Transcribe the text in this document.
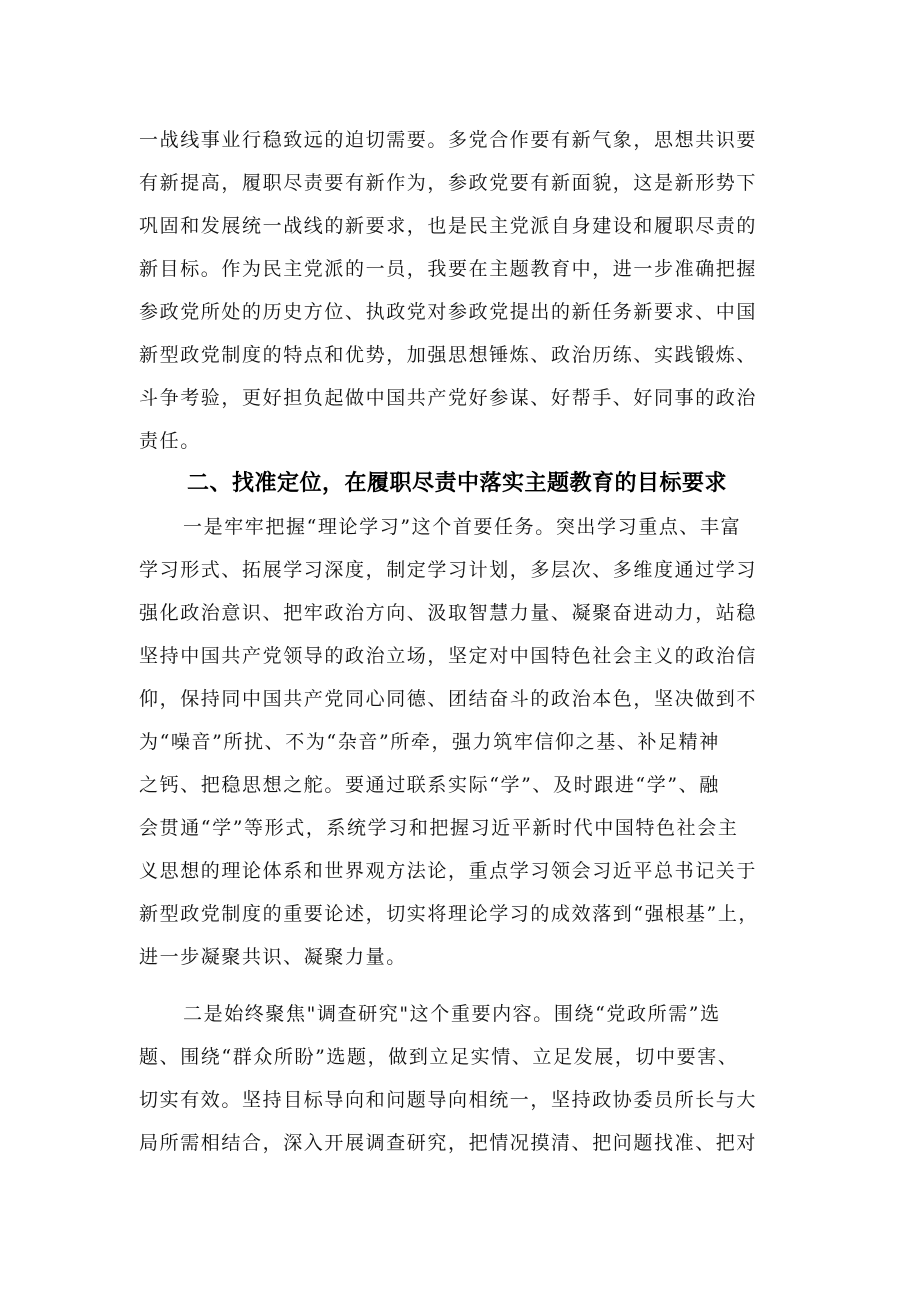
一战线事业行稳致远的迫切需要。多党合作要有新气象，思想共识要
有新提高，履职尽责要有新作为，参政党要有新面貌，这是新形势下
巩固和发展统一战线的新要求，也是民主党派自身建设和履职尽责的
新目标。作为民主党派的一员，我要在主题教育中，进一步准确把握
参政党所处的历史方位、执政党对参政党提出的新任务新要求、中国
新型政党制度的特点和优势，加强思想锤炼、政治历练、实践锻炼、
斗争考验，更好担负起做中国共产党好参谋、好帮手、好同事的政治
责任。
二、找准定位，在履职尽责中落实主题教育的目标要求
一是牢牢把握“理论学习”这个首要任务。突出学习重点、丰富
学习形式、拓展学习深度，制定学习计划，多层次、多维度通过学习
强化政治意识、把牢政治方向、汲取智慧力量、凝聚奋进动力，站稳
坚持中国共产党领导的政治立场，坚定对中国特色社会主义的政治信
仰，保持同中国共产党同心同德、团结奋斗的政治本色，坚决做到不
为“噪音”所扰、不为“杂音”所牵，强力筑牢信仰之基、补足精神
之钙、把稳思想之舵。要通过联系实际“学”、及时跟进“学”、融
会贯通“学”等形式，系统学习和把握习近平新时代中国特色社会主
义思想的理论体系和世界观方法论，重点学习领会习近平总书记关于
新型政党制度的重要论述，切实将理论学习的成效落到“强根基”上，
进一步凝聚共识、凝聚力量。
二是始终聚焦"调查研究"这个重要内容。围绕“党政所需”选
题、围绕“群众所盼”选题，做到立足实情、立足发展，切中要害、
切实有效。坚持目标导向和问题导向相统一，坚持政协委员所长与大
局所需相结合，深入开展调查研究，把情况摸清、把问题找准、把对
